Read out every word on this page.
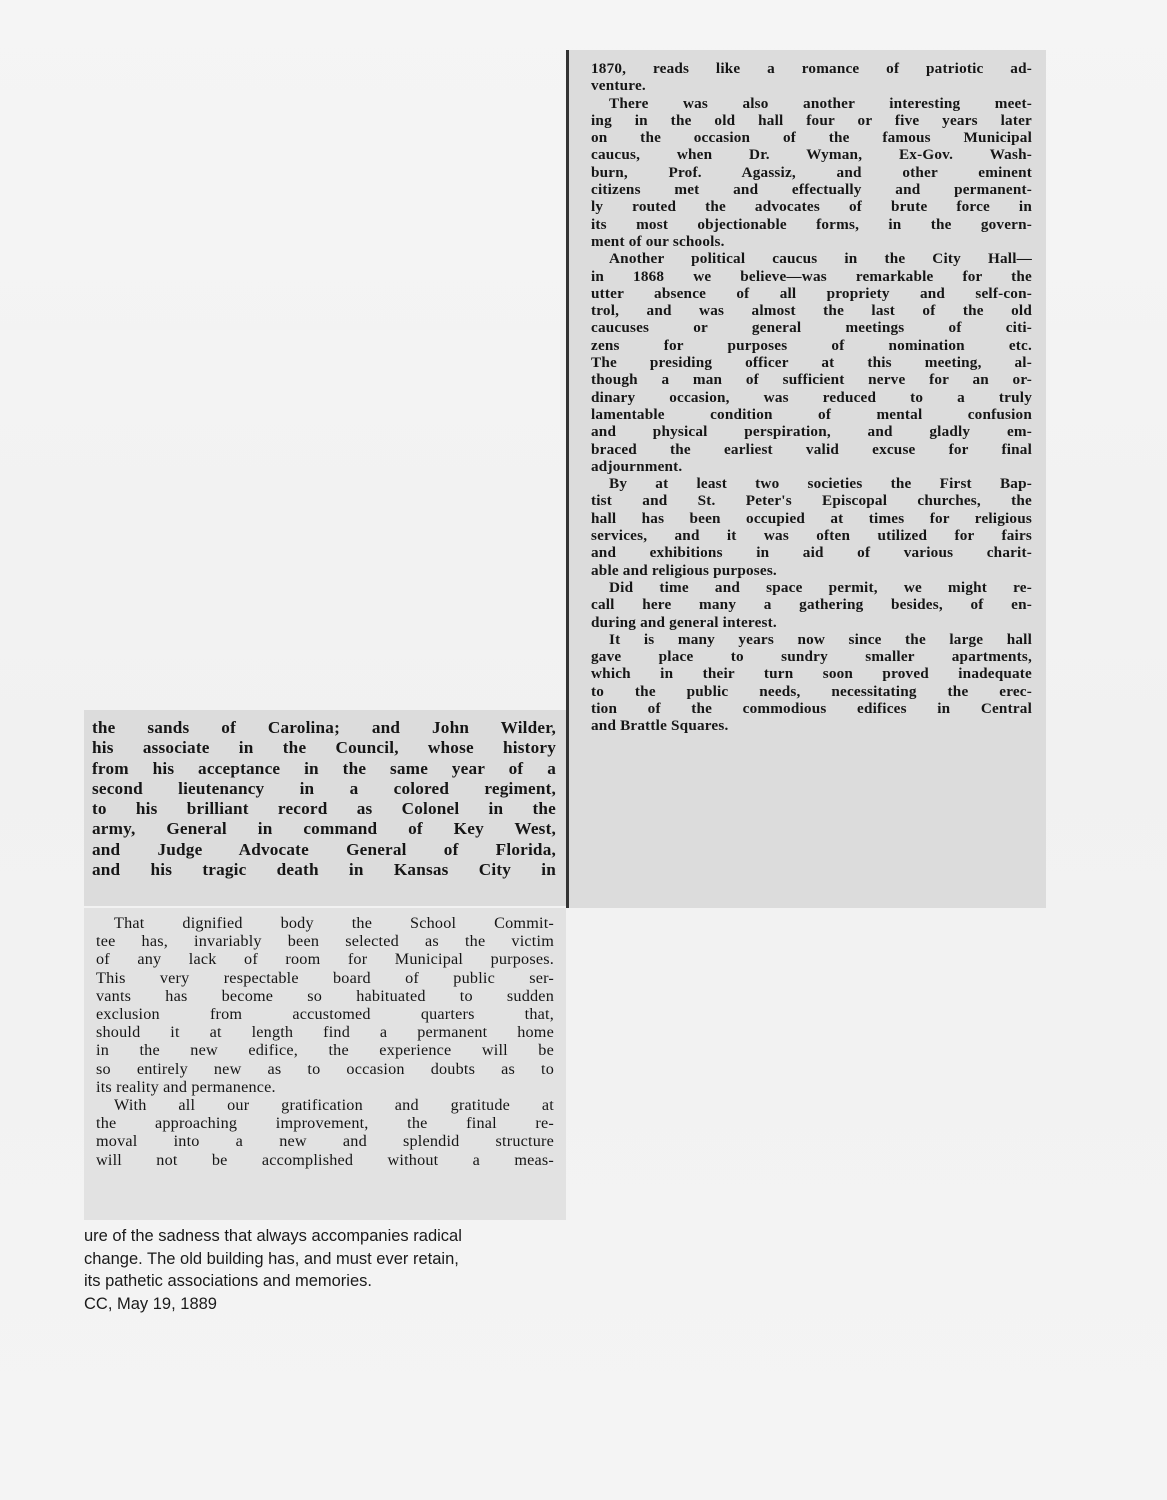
1870, reads like a romance of patriotic ad-

venture.

There was also another interesting meet-

ing in the old hall four or five years later

on the occasion of the famous Municipal

caucus, when Dr. Wyman, Ex-Gov. Wash-

burn, Prof. Agassiz, and other eminent

citizens met and effectually and permanent-

ly routed the advocates of brute force in

its most objectionable forms, in the govern-

ment of our schools.

Another political caucus in the City Hall—

in 1868 we believe—was remarkable for the

utter absence of all propriety and self-con-

trol, and was almost the last of the old

caucuses or general meetings of citi-

zens for purposes of nomination etc.

The presiding officer at this meeting, al-

though a man of sufficient nerve for an or-

dinary occasion, was reduced to a truly

lamentable condition of mental confusion

and physical perspiration, and gladly em-

braced the earliest valid excuse for final

adjournment.

By at least two societies the First Bap-

tist and St. Peter's Episcopal churches, the

hall has been occupied at times for religious

services, and it was often utilized for fairs

and exhibitions in aid of various charit-

able and religious purposes.

Did time and space permit, we might re-

call here many a gathering besides, of en-

during and general interest.

It is many years now since the large hall

gave place to sundry smaller apartments,

which in their turn soon proved inadequate

to the public needs, necessitating the erec-

tion of the commodious edifices in Central

and Brattle Squares.

the sands of Carolina; and John Wilder,

his associate in the Council, whose history

from his acceptance in the same year of a

second lieutenancy in a colored regiment,

to his brilliant record as Colonel in the

army, General in command of Key West,

and Judge Advocate General of Florida,

and his tragic death in Kansas City in

That dignified body the School Commit-

tee has, invariably been selected as the victim

of any lack of room for Municipal purposes.

This very respectable board of public ser-

vants has become so habituated to sudden

exclusion from accustomed quarters that,

should it at length find a permanent home

in the new edifice, the experience will be

so entirely new as to occasion doubts as to

its reality and permanence.

With all our gratification and gratitude at

the approaching improvement, the final re-

moval into a new and splendid structure

will not be accomplished without a meas-

ure of the sadness that always accompanies radical
change. The old building has, and must ever retain,
its pathetic associations and memories.
CC, May 19, 1889
